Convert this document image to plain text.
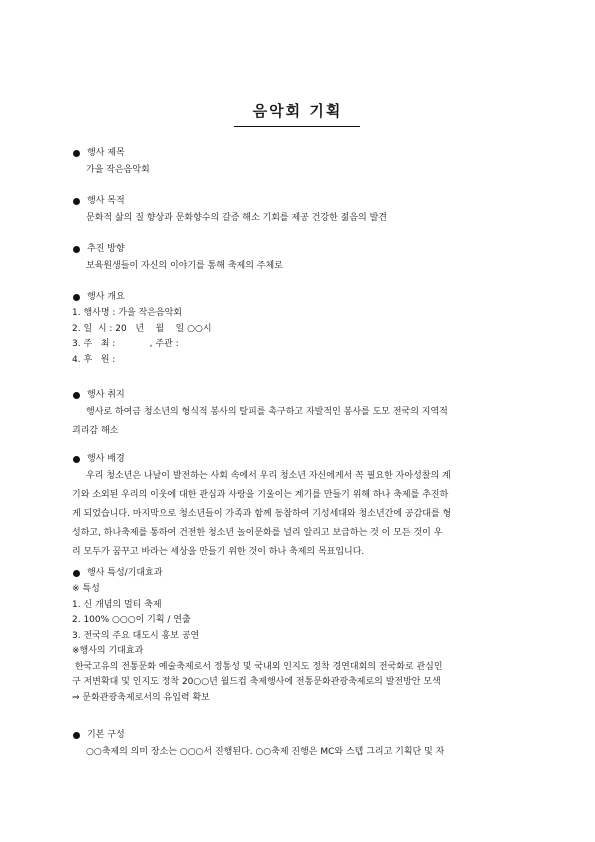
음악회 기획
행사 제목
가을 작은음악회
행사 목적
문화적 삶의 질 향상과 문화향수의 갈증 해소 기회를 제공 건강한 젊음의 발견
추진 방향
보육원생들이 자신의 이야기를 통해 축제의 주체로
행사 개요
1. 행사명 : 가을 작은음악회
2. 일  시 : 20   년    월    일 ○○시
3. 주   최 :            , 주관 :
4. 후   원 :
행사 취지
행사로 하여금 청소년의 형식적 봉사의 탈피를 촉구하고 자발적인 봉사를 도모 전국의 지역적
괴리감 해소
행사 배경
우리 청소년은 나날이 발전하는 사회 속에서 우리 청소년 자신에게서 꼭 필요한 자아성찰의 계
기와 소외된 우리의 이웃에 대한 관심과 사랑을 기울이는 계기를 만들기 위해 하나 축제를 추진하
게 되었습니다. 마지막으로 청소년들이 가족과 함께 동참하여 기성세대와 청소년간에 공감대를 형
성하고, 하나축제를 통하여 건전한 청소년 놀이문화를 널리 알리고 보급하는 것 이 모든 것이 우
리 모두가 꿈꾸고 바라는 세상을 만들기 위한 것이 하나 축제의 목표입니다.
행사 특성/기대효과
※ 특성
1. 신 개념의 멀티 축제
2. 100% ○○○이 기획 / 연출
3. 전국의 주요 대도시 홍보 공연
※행사의 기대효과
한국고유의 전통문화 예술축제로서 정통성 및 국내외 인지도 정착 경연대회의 전국화로 관심인
구 저변확대 및 인지도 정착 20○○년 월드컵 축제행사에 전통문화관광축제로의 발전방안 모색
⇒ 문화관광축제로서의 유입력 확보
기본 구성
○○축제의 의미 장소는 ○○○서 진행된다. ○○축제 진행은 MC와 스텝 그리고 기획단 및 자
